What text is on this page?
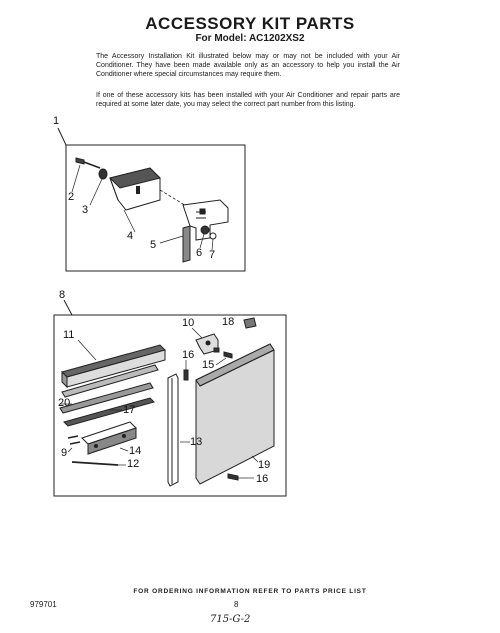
ACCESSORY KIT PARTS
For Model: AC1202XS2
The Accessory Installation Kit illustrated below may or may not be included with your Air Conditioner. They have been made available only as an accessory to help you install the Air Conditioner where special circumstances may require them.
If one of these accessory kits has been installed with your Air Conditioner and repair parts are required at some later date, you may select the correct part number from this listing.
1
2
3
4
5
6 7
8
11
10	18
16
15
20
17
13
9	14
12	19
16
FOR ORDERING INFORMATION REFER TO PARTS PRICE LIST
979701	8
715-G-2
